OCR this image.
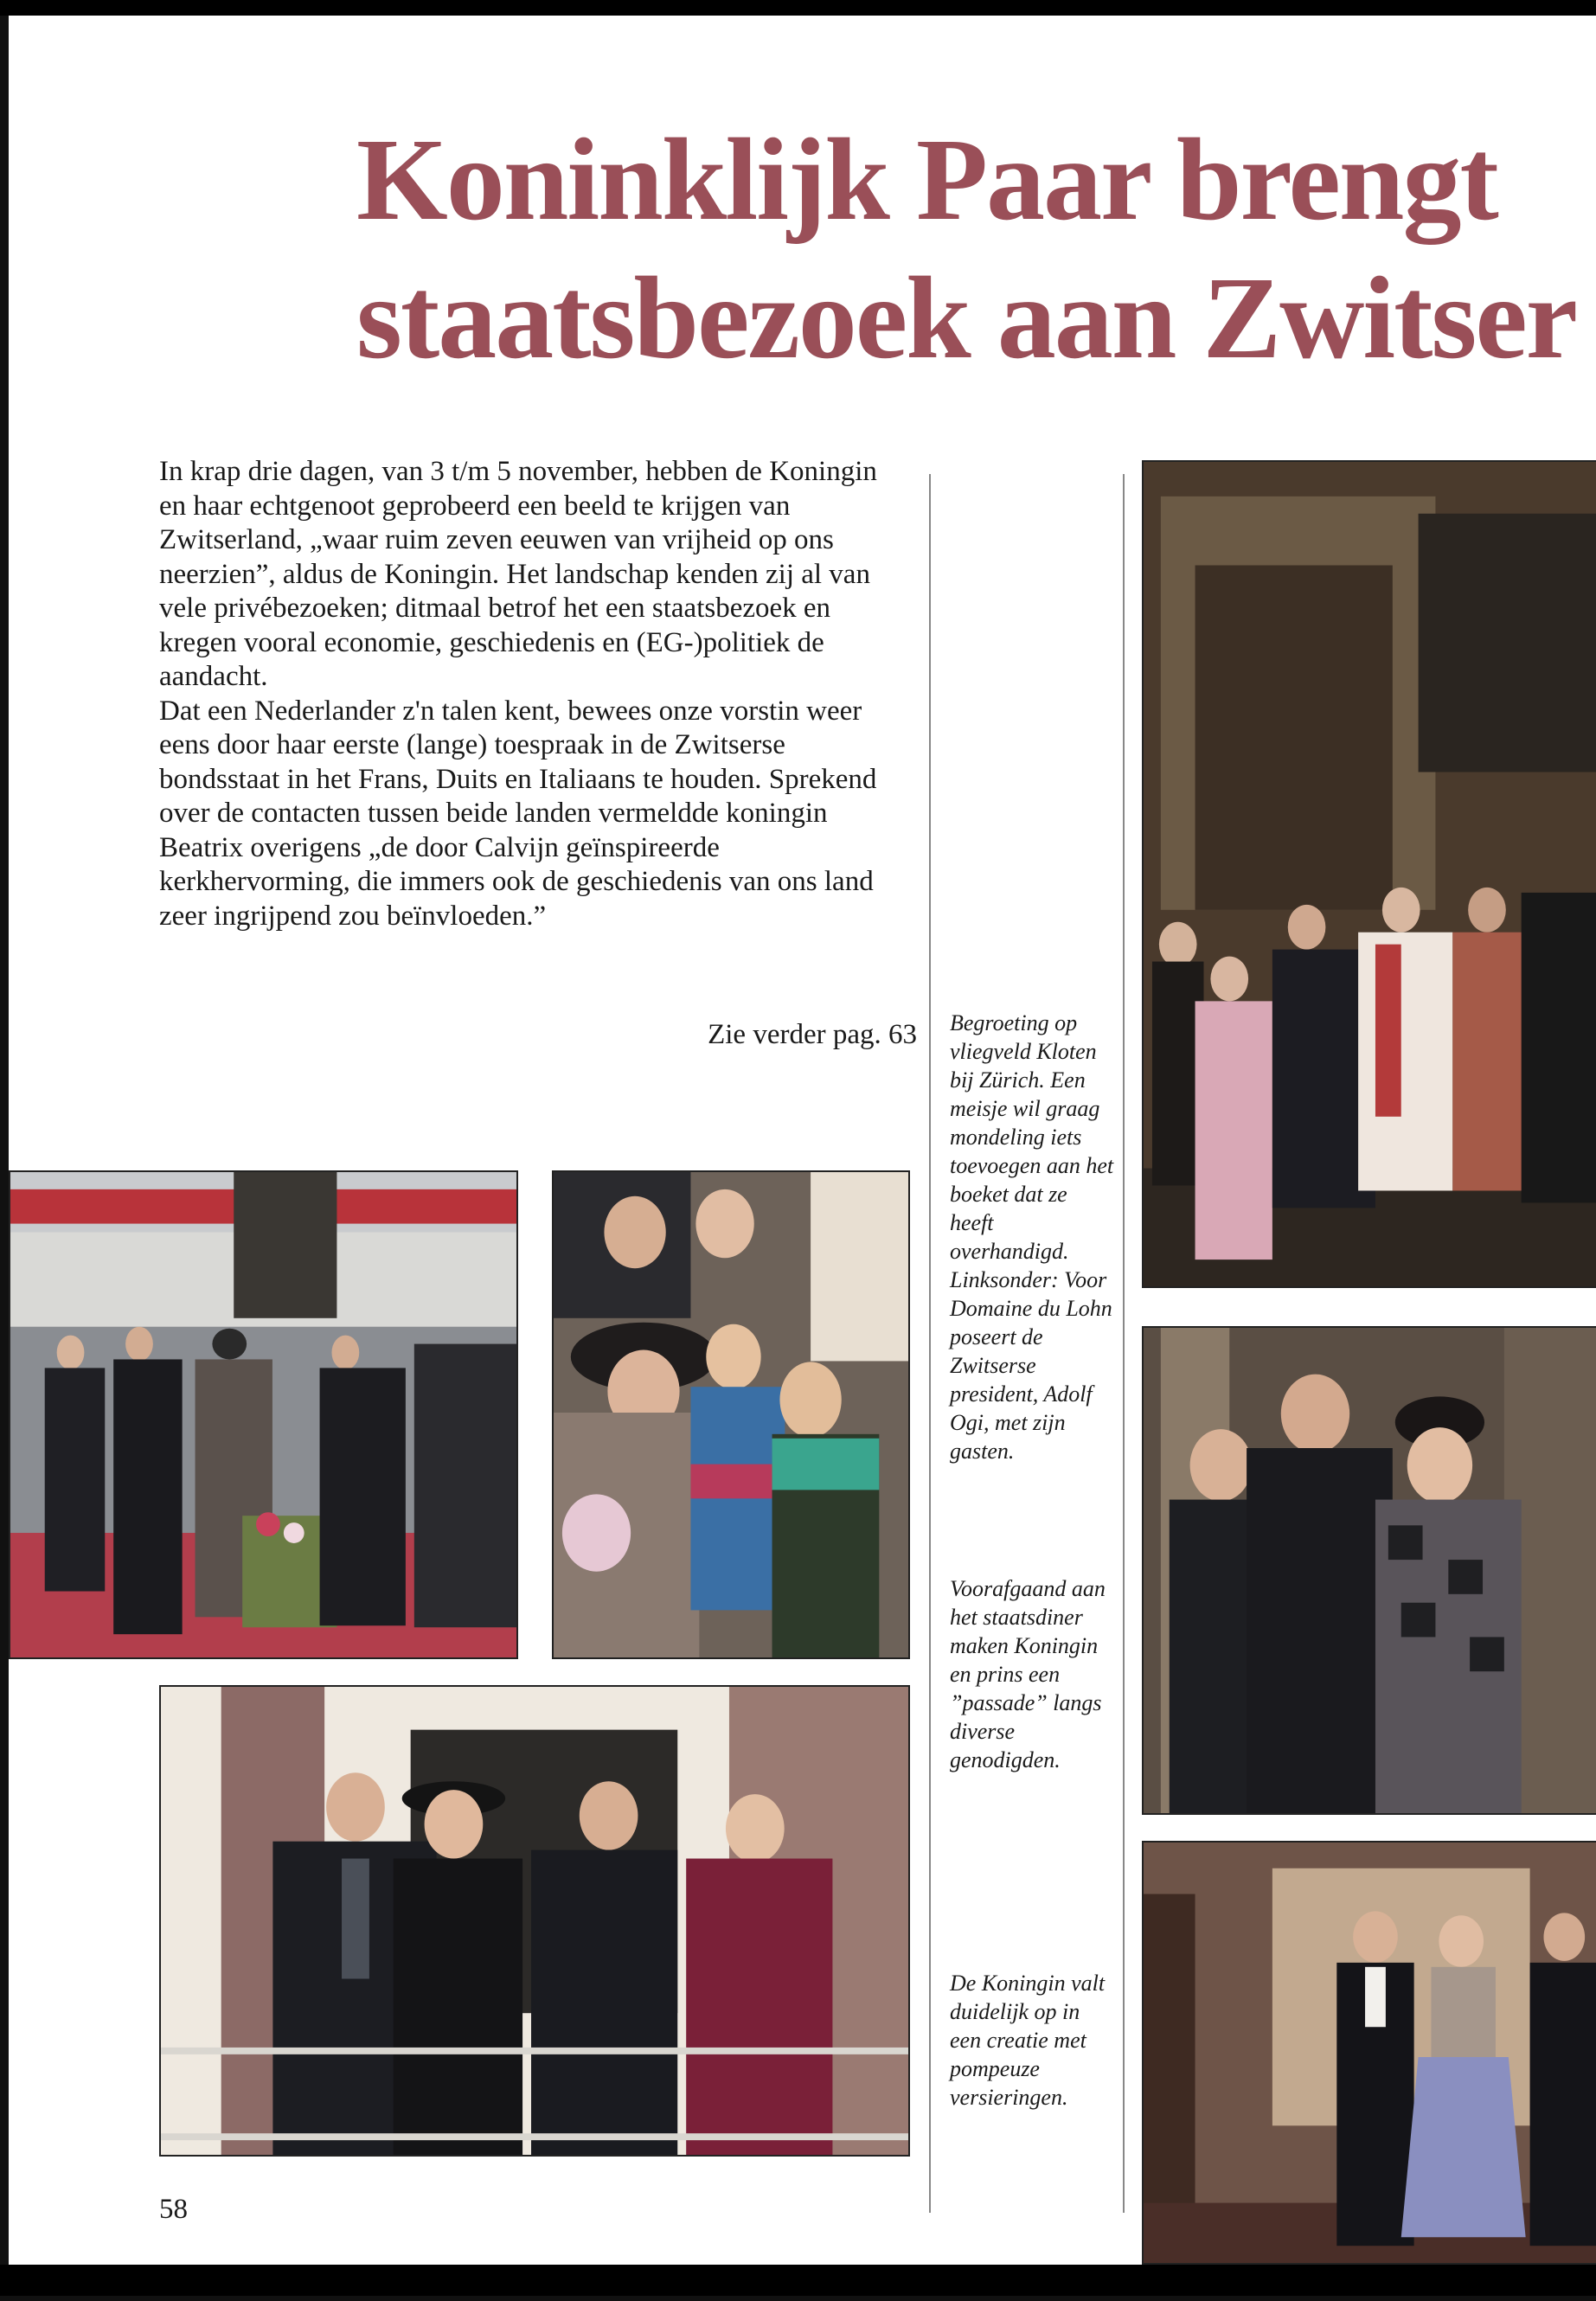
Koninklijk Paar brengt
staatsbezoek aan Zwitser

In krap drie dagen, van 3 t/m 5 november, hebben de Koningin en haar echtgenoot geprobeerd een beeld te krijgen van Zwitserland, „waar ruim zeven eeuwen van vrijheid op ons neerzien”, aldus de Koningin. Het landschap kenden zij al van vele privébezoeken; ditmaal betrof het een staatsbezoek en kregen vooral economie, geschiedenis en (EG-)politiek de aandacht.
Dat een Nederlander z'n talen kent, bewees onze vorstin weer eens door haar eerste (lange) toespraak in de Zwitserse bondsstaat in het Frans, Duits en Italiaans te houden. Sprekend over de contacten tussen beide landen vermeldde koningin Beatrix overigens „de door Calvijn geïnspireerde kerkhervorming, die immers ook de geschiedenis van ons land zeer ingrijpend zou beïnvloeden.”

Zie verder pag. 63 Begroeting op vliegveld Kloten bij Zürich. Een meisje wil graag mondeling iets toevoegen aan het boeket dat ze heeft overhandigd. Linksonder: Voor Domaine du Lohn poseert de Zwitserse president, Adolf Ogi, met zijn gasten.

Voorafgaand aan het staatsdiner maken Koningin en prins een ”passade” langs diverse genodigden.

De Koningin valt duidelijk op in een creatie met pompeuze versieringen.

58
